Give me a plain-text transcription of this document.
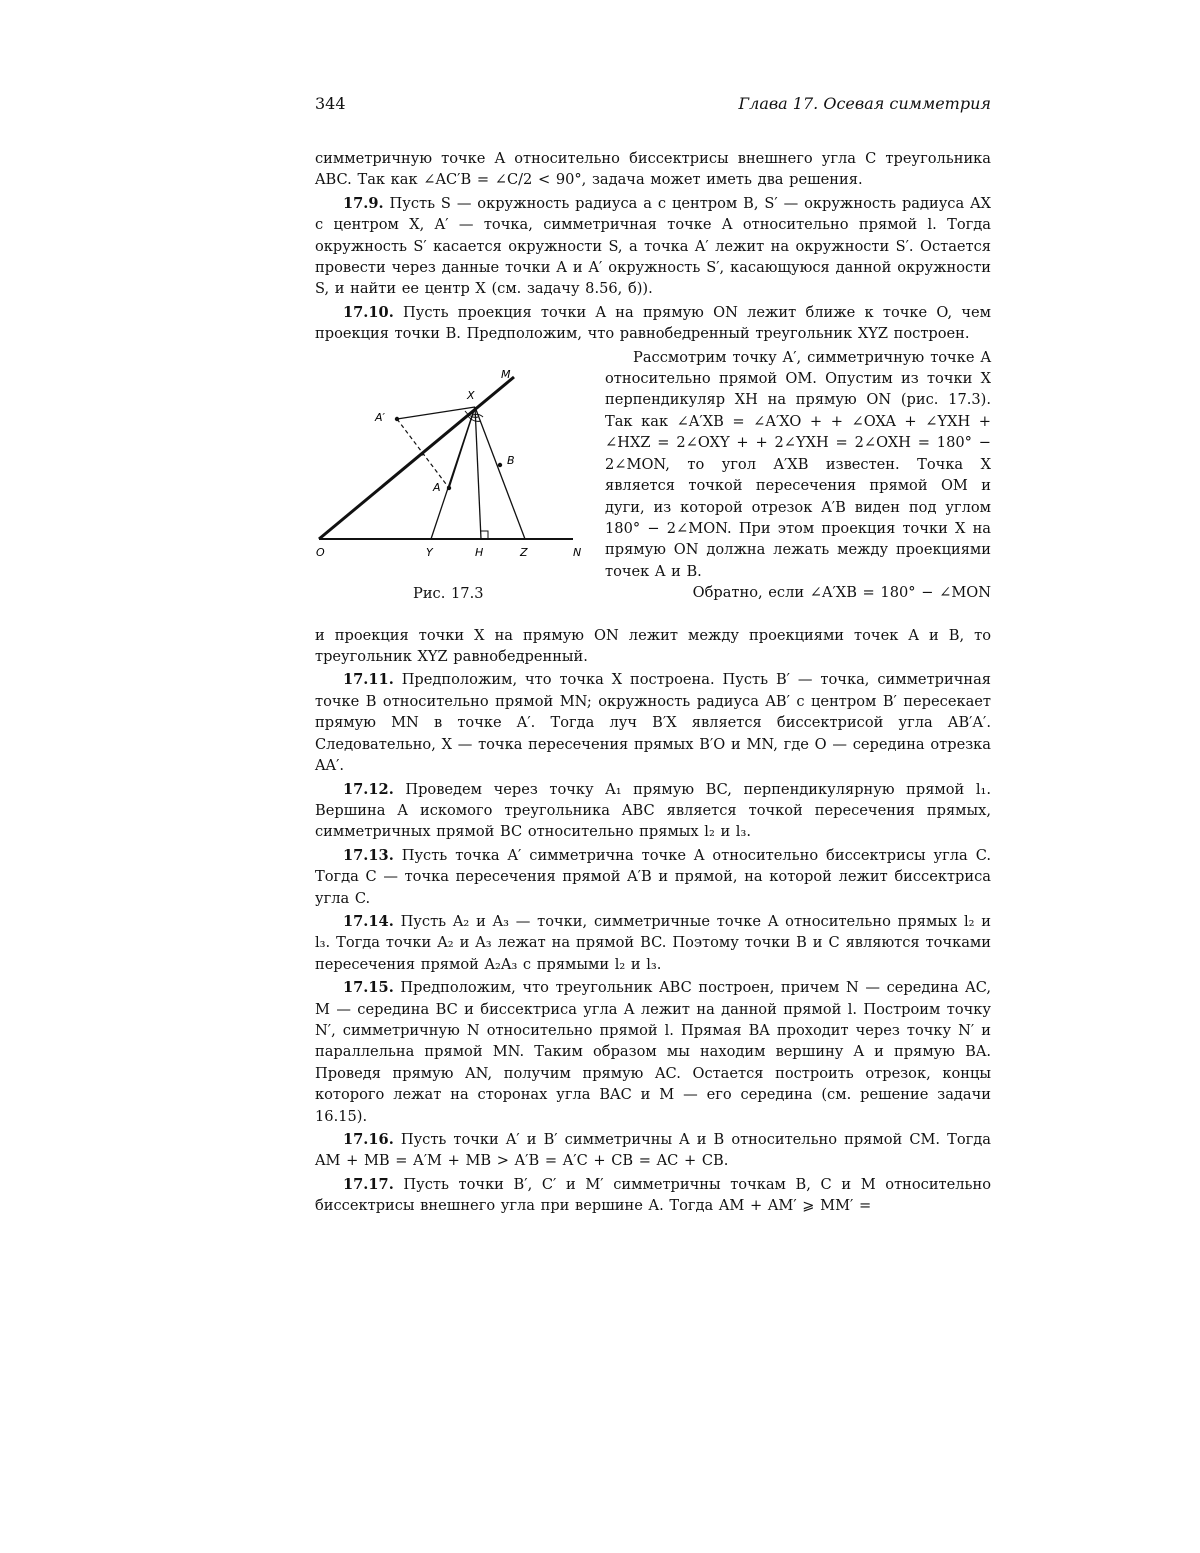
344	Глава 17. Осевая симметрия

симметричную точке A относительно биссектрисы внешнего угла C треугольника ABC. Так как ∠AC′B = ∠C/2 < 90°, задача может иметь два решения.

17.9. Пусть S — окружность радиуса a с центром B, S′ — окружность радиуса AX с центром X, A′ — точка, симметричная точке A относительно прямой l. Тогда окружность S′ касается окружности S, а точка A′ лежит на окружности S′. Остается провести через данные точки A и A′ окружность S′, касающуюся данной окружности S, и найти ее центр X (см. задачу 8.56, б)).

17.10. Пусть проекция точки A на прямую ON лежит ближе к точке O, чем проекция точки B. Предположим, что равнобедренный треугольник XYZ построен.

M
X
A′
A
B
O	Y	H	Z	N
Рис. 17.3

Рассмотрим точку A′, симметричную точке A относительно прямой OM. Опустим из точки X перпендикуляр XH на прямую ON (рис. 17.3). Так как ∠A′XB = ∠A′XO + + ∠OXA + ∠YXH + ∠HXZ = 2∠OXY + + 2∠YXH = 2∠OXH = 180° − 2∠MON, то угол A′XB известен. Точка X является точкой пересечения прямой OM и дуги, из которой отрезок A′B виден под углом 180° − 2∠MON. При этом проекция точки X на прямую ON должна лежать между проекциями точек A и B.

Обратно, если ∠A′XB = 180° − ∠MON

и проекция точки X на прямую ON лежит между проекциями точек A и B, то треугольник XYZ равнобедренный.

17.11. Предположим, что точка X построена. Пусть B′ — точка, симметричная точке B относительно прямой MN; окружность радиуса AB′ с центром B′ пересекает прямую MN в точке A′. Тогда луч B′X является биссектрисой угла AB′A′. Следовательно, X — точка пересечения прямых B′O и MN, где O — середина отрезка AA′.

17.12. Проведем через точку A₁ прямую BC, перпендикулярную прямой l₁. Вершина A искомого треугольника ABC является точкой пересечения прямых, симметричных прямой BC относительно прямых l₂ и l₃.

17.13. Пусть точка A′ симметрична точке A относительно биссектрисы угла C. Тогда C — точка пересечения прямой A′B и прямой, на которой лежит биссектриса угла C.

17.14. Пусть A₂ и A₃ — точки, симметричные точке A относительно прямых l₂ и l₃. Тогда точки A₂ и A₃ лежат на прямой BC. Поэтому точки B и C являются точками пересечения прямой A₂A₃ с прямыми l₂ и l₃.

17.15. Предположим, что треугольник ABC построен, причем N — середина AC, M — середина BC и биссектриса угла A лежит на данной прямой l. Построим точку N′, симметричную N относительно прямой l. Прямая BA проходит через точку N′ и параллельна прямой MN. Таким образом мы находим вершину A и прямую BA. Проведя прямую AN, получим прямую AC. Остается построить отрезок, концы которого лежат на сторонах угла BAC и M — его середина (см. решение задачи 16.15).

17.16. Пусть точки A′ и B′ симметричны A и B относительно прямой CM. Тогда AM + MB = A′M + MB > A′B = A′C + CB = AC + CB.

17.17. Пусть точки B′, C′ и M′ симметричны точкам B, C и M относительно биссектрисы внешнего угла при вершине A. Тогда AM + AM′ ⩾ MM′ =
